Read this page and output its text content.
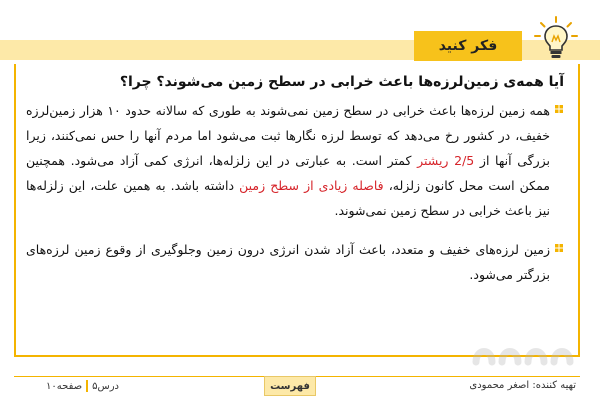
فکر کنید

آیا همه‌ی زمین‌لرزه‌ها باعث خرابی در سطح زمین می‌شوند؟ چرا؟

همه زمین لرزه‌ها باعث خرابی در سطح زمین نمی‌شوند به طوری که سالانه حدود ۱۰ هزار زمین‌لرزه خفیف، در کشور رخ می‌دهد که توسط لرزه نگارها ثبت می‌شود اما مردم آنها را حس نمی‌کنند، زیرا بزرگی آنها از 2/5 ریشتر کمتر است. به عبارتی در این زلزله‌ها، انرژی کمی آزاد می‌شود. همچنین ممکن است محل کانون زلزله، فاصله زیادی از سطح زمین داشته باشد. به همین علت، این زلزله‌ها نیز باعث خرابی در سطح زمین نمی‌شوند.

زمین لرزه‌های خفیف و متعدد، باعث آزاد شدن انرژی درون زمین وجلوگیری از وقوع زمین لرزه‌های بزرگتر می‌شود.

تهیه کننده: اصغر محمودی
فهرست
درس۵
صفحه۱۰
